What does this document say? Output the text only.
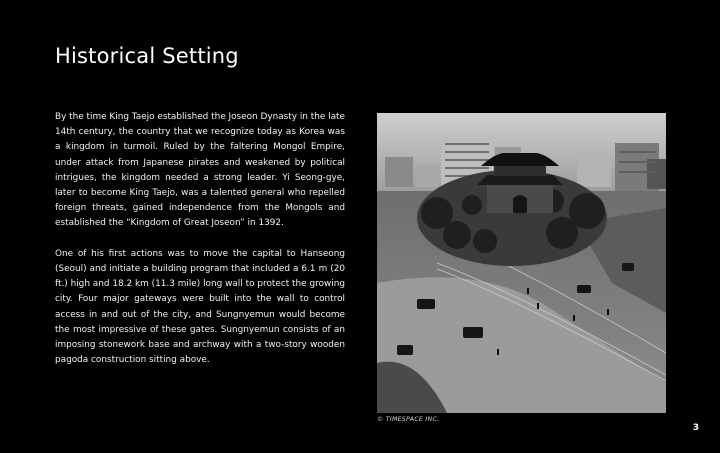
Historical Setting

By the time King Taejo established the Joseon Dynasty in the late 14th century, the country that we recognize today as Korea was a kingdom in turmoil. Ruled by the faltering Mongol Empire, under attack from Japanese pirates and weakened by political intrigues, the kingdom needed a strong leader. Yi Seong-gye, later to become King Taejo, was a talented general who repelled foreign threats, gained independence from the Mongols and established the “Kingdom of Great Joseon” in 1392.

One of his first actions was to move the capital to Hanseong (Seoul) and initiate a building program that included a 6.1 m (20 ft.) high and 18.2 km (11.3 mile) long wall to protect the growing city. Four major gateways were built into the wall to control access in and out of the city, and Sungnyemun would become the most impressive of these gates. Sungnyemun consists of an imposing stonework base and archway with a two-story wooden pagoda construction sitting above.

© TIMESPACE INC.
3
